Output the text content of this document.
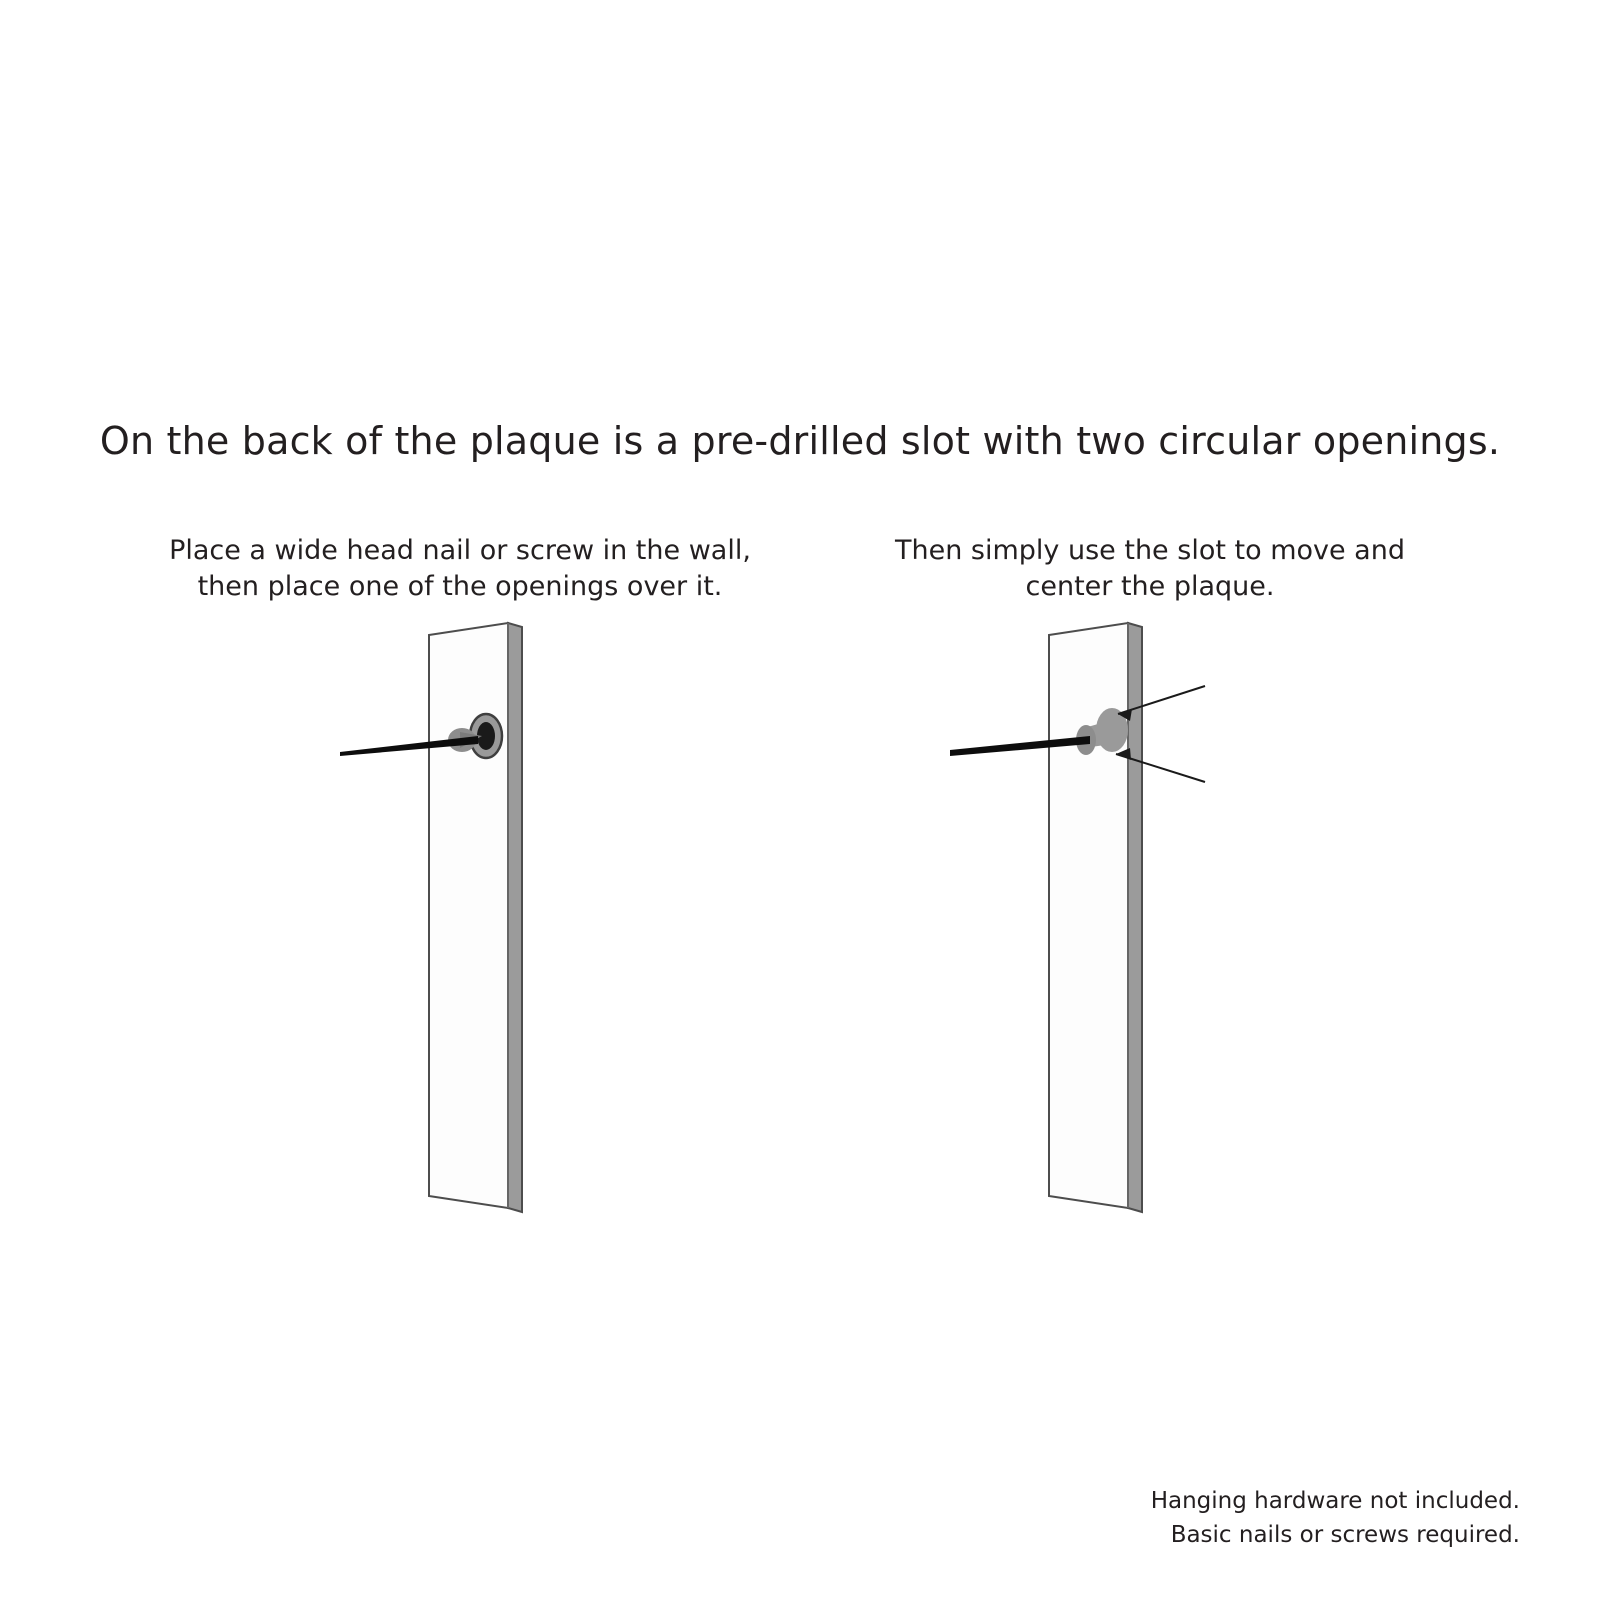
On the back of the plaque is a pre-drilled slot with two circular openings.
Place a wide head nail or screw in the wall,
then place one of the openings over it.
Then simply use the slot to move and
center the plaque.
Hanging hardware not included.
Basic nails or screws required.
